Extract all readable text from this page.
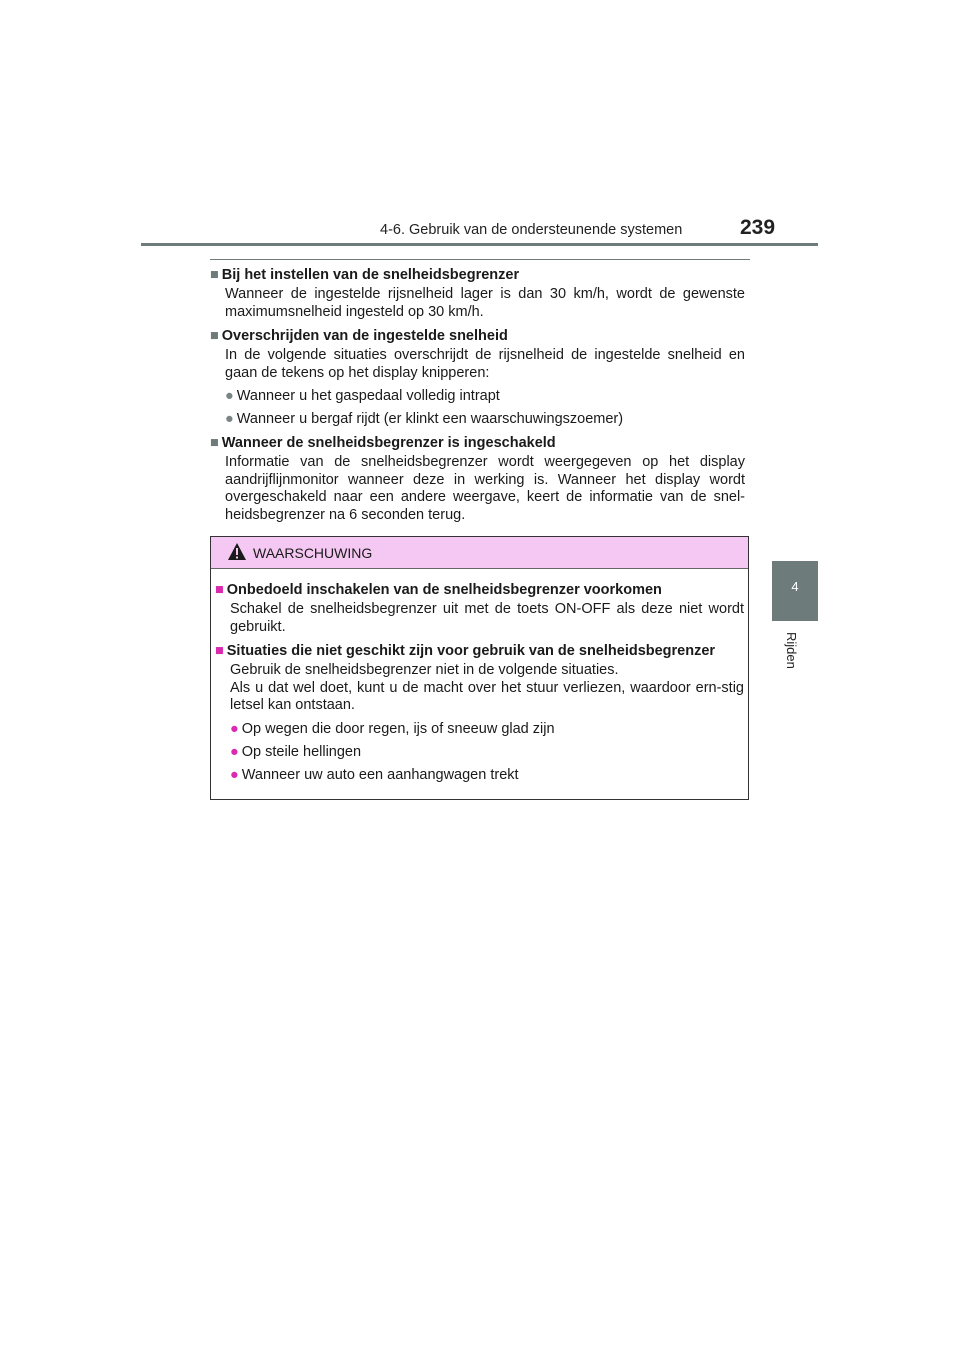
4-6. Gebruik van de ondersteunende systemen	239
4
Rijden

■ Bij het instellen van de snelheidsbegrenzer

Wanneer de ingestelde rijsnelheid lager is dan 30 km/h, wordt de gewenste maximumsnelheid ingesteld op 30 km/h.

■ Overschrijden van de ingestelde snelheid

In de volgende situaties overschrijdt de rijsnelheid de ingestelde snelheid en gaan de tekens op het display knipperen:
● Wanneer u het gaspedaal volledig intrapt
● Wanneer u bergaf rijdt (er klinkt een waarschuwingszoemer)

■ Wanneer de snelheidsbegrenzer is ingeschakeld

Informatie van de snelheidsbegrenzer wordt weergegeven op het display aandrijflijnmonitor wanneer deze in werking is. Wanneer het display wordt overgeschakeld naar een andere weergave, keert de informatie van de snel-heidsbegrenzer na 6 seconden terug.
WAARSCHUWING

■ Onbedoeld inschakelen van de snelheidsbegrenzer voorkomen

Schakel de snelheidsbegrenzer uit met de toets ON-OFF als deze niet wordt gebruikt.

■ Situaties die niet geschikt zijn voor gebruik van de snelheidsbegrenzer

Gebruik de snelheidsbegrenzer niet in de volgende situaties.
Als u dat wel doet, kunt u de macht over het stuur verliezen, waardoor ern-stig letsel kan ontstaan.
● Op wegen die door regen, ijs of sneeuw glad zijn
● Op steile hellingen
● Wanneer uw auto een aanhangwagen trekt
